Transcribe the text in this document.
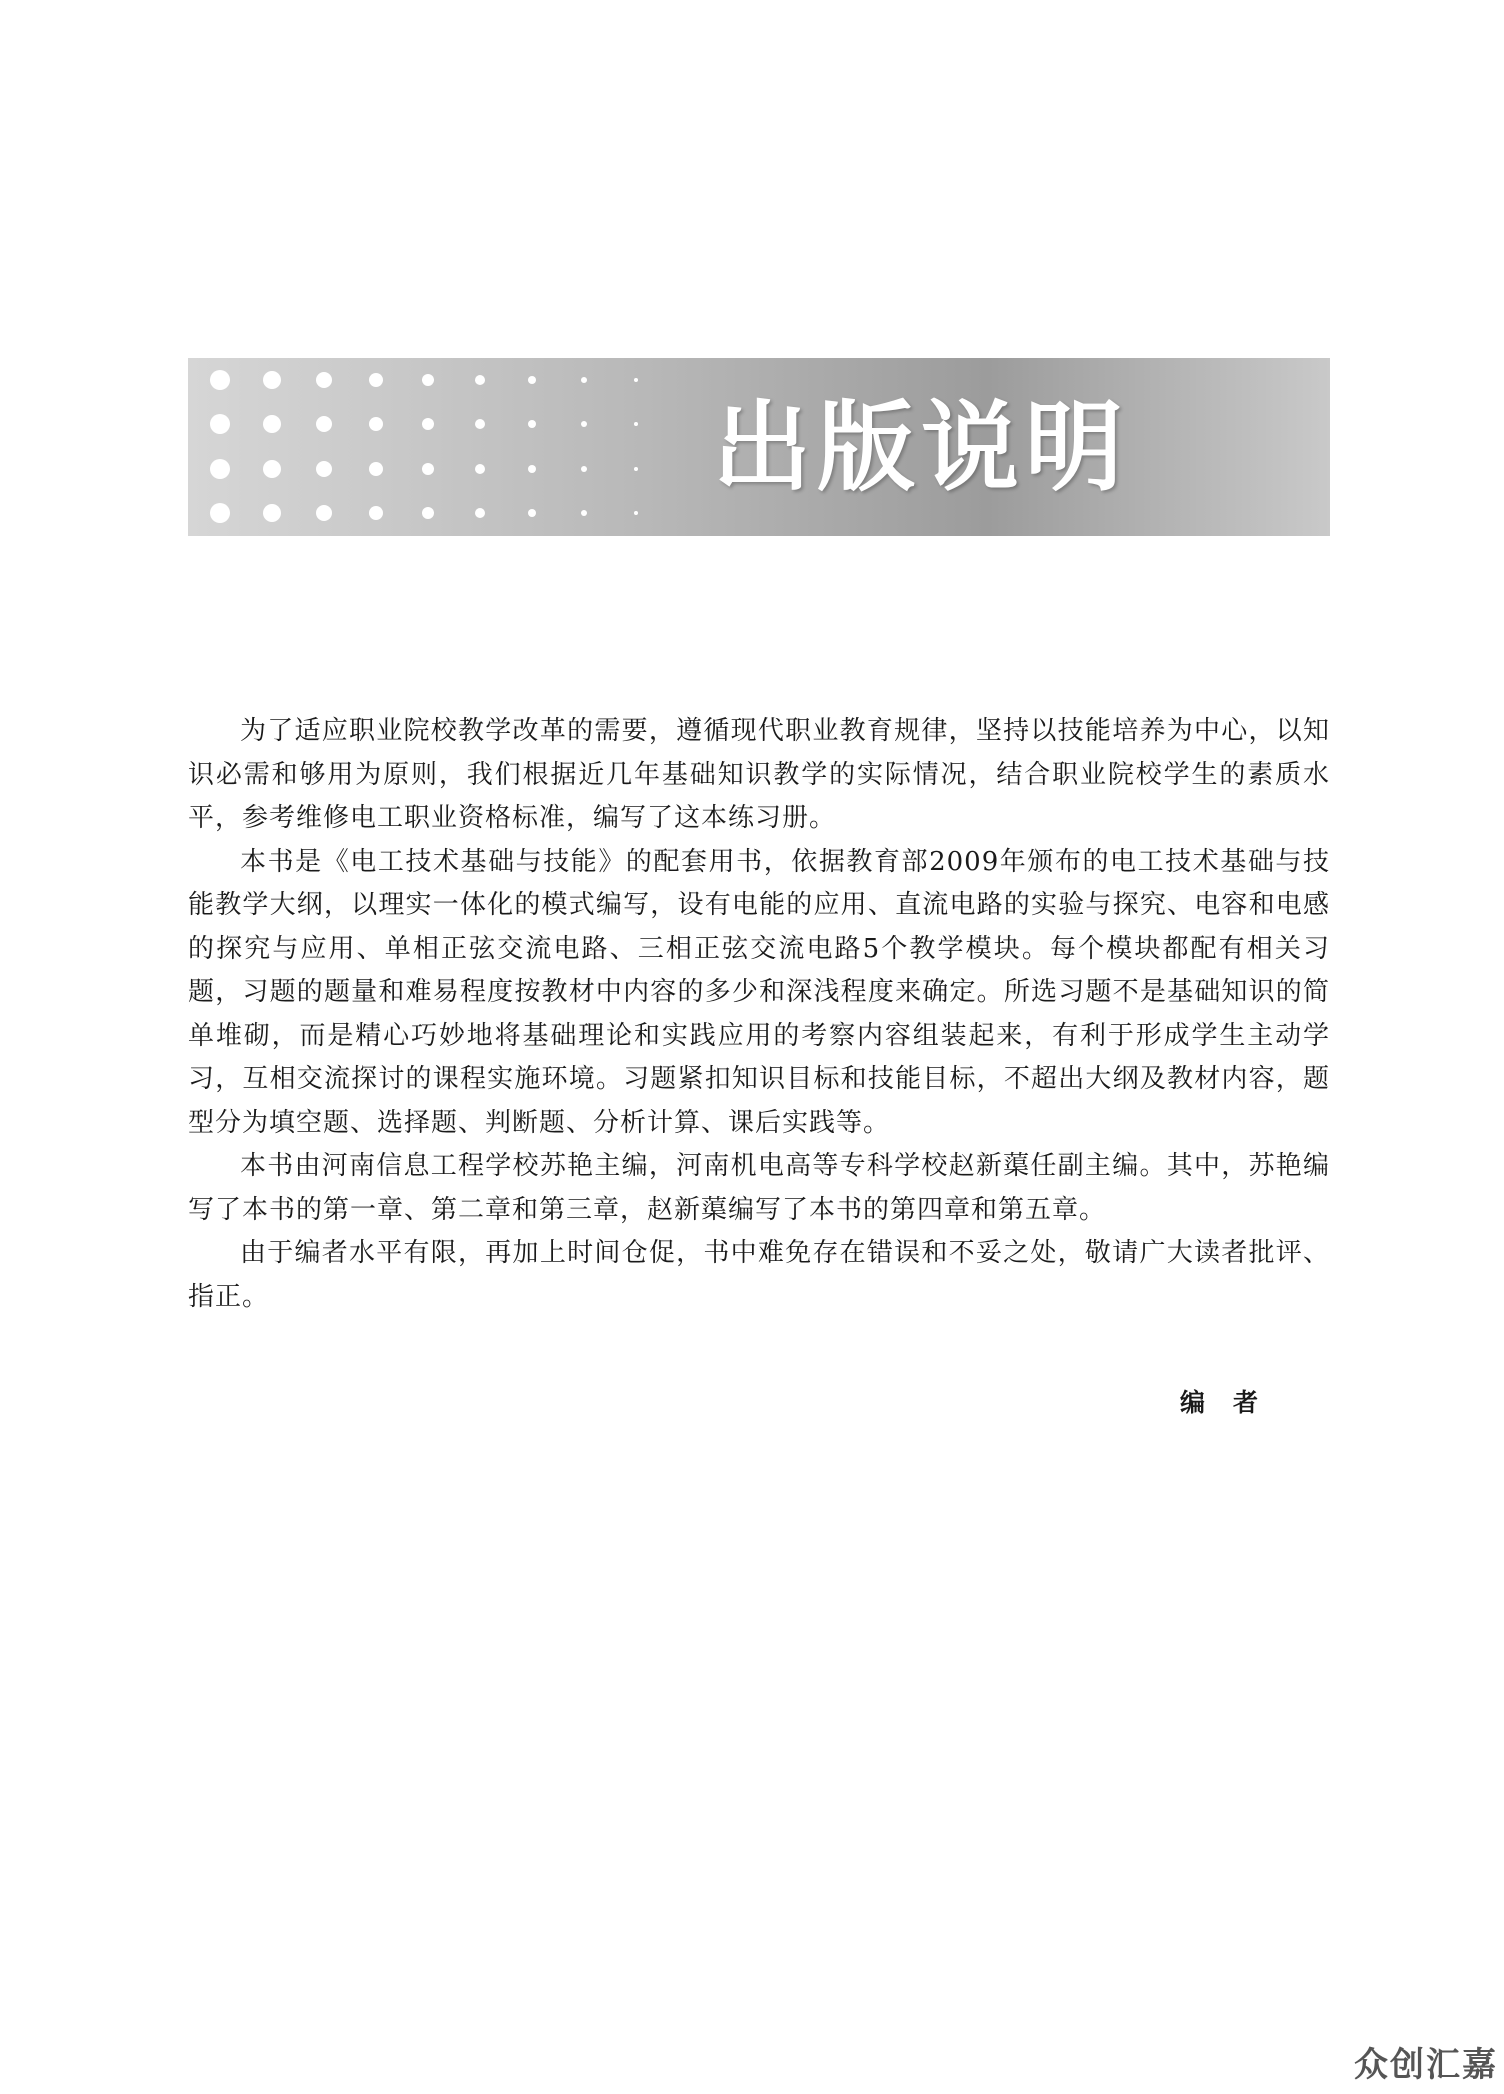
出版说明

为了适应职业院校教学改革的需要，遵循现代职业教育规律，坚持以技能培养为中心，以知识必需和够用为原则，我们根据近几年基础知识教学的实际情况，结合职业院校学生的素质水平，参考维修电工职业资格标准，编写了这本练习册。

本书是《电工技术基础与技能》的配套用书，依据教育部2009年颁布的电工技术基础与技能教学大纲，以理实一体化的模式编写，设有电能的应用、直流电路的实验与探究、电容和电感的探究与应用、单相正弦交流电路、三相正弦交流电路5个教学模块。每个模块都配有相关习题，习题的题量和难易程度按教材中内容的多少和深浅程度来确定。所选习题不是基础知识的简单堆砌，而是精心巧妙地将基础理论和实践应用的考察内容组装起来，有利于形成学生主动学习，互相交流探讨的课程实施环境。习题紧扣知识目标和技能目标，不超出大纲及教材内容，题型分为填空题、选择题、判断题、分析计算、课后实践等。

本书由河南信息工程学校苏艳主编，河南机电高等专科学校赵新蕖任副主编。其中，苏艳编写了本书的第一章、第二章和第三章，赵新蕖编写了本书的第四章和第五章。

由于编者水平有限，再加上时间仓促，书中难免存在错误和不妥之处，敬请广大读者批评、指正。

编者
众创汇嘉
